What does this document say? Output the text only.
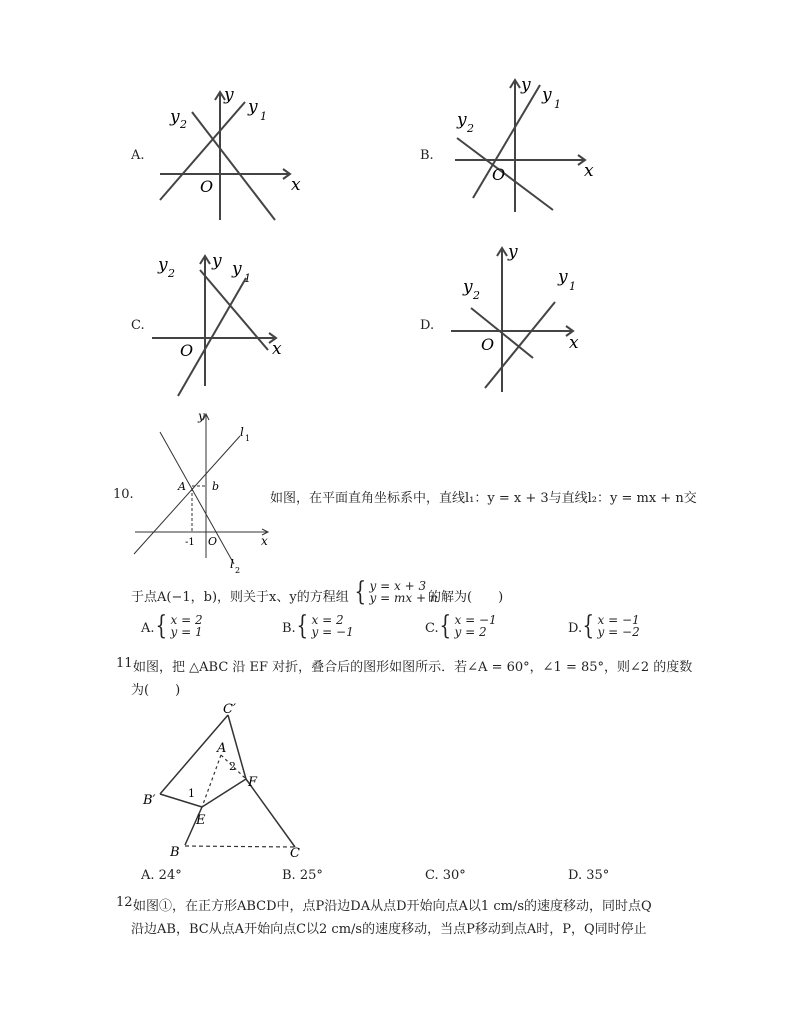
A.
y 2
y
y 1
O	x
B.
y 2
y y 1
O	x
C.
y 2
y y 1
O	x
D.
y 2
y
y 1
O	x
10.
y
l 1
A b
-1 O	x
l 2
如图，在平面直角坐标系中，直线l₁：y = x + 3与直线l₂：y = mx + n交
于点A(−1，b)，则关于x、y的方程组 { y = x + 3
y = mx + n
的解为(　　)
A. { x = 2
y = 1	B. { x = 2
y = −1	C. { x = −1
y = 2	D. { x = −1
y = −2
11.
如图，把 △ABC 沿 EF 对折，叠合后的图形如图所示．若∠A = 60°，∠1 = 85°，则∠2 的度数
为(　　)
C′
A
2
F
B′	1
E
B	C
A. 24°	B. 25°	C. 30°	D. 35°
12.
如图①，在正方形ABCD中，点P沿边DA从点D开始向点A以1 cm/s的速度移动，同时点Q
沿边AB，BC从点A开始向点C以2 cm/s的速度移动，当点P移动到点A时，P，Q同时停止
